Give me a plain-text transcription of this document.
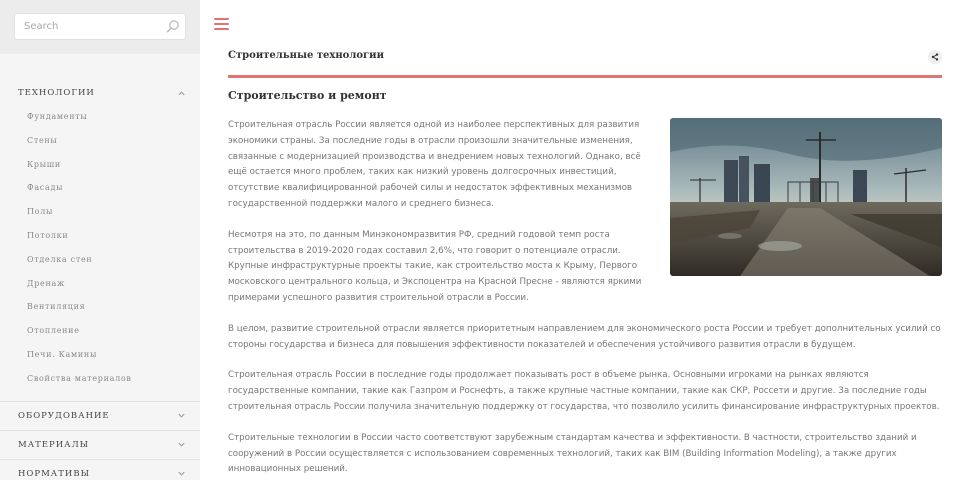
Search
ТЕХНОЛОГИИ
Фундаменты
Стены
Крыши
Фасады
Полы
Потолки
Отделка стен
Дренаж
Вентиляция
Отопление
Печи. Камины
Свойства материалов
ОБОРУДОВАНИЕ
МАТЕРИАЛЫ
НОРМАТИВЫ
Строительные технологии
Строительство и ремонт

Строительная отрасль России является одной из наиболее перспективных для развития экономики страны. За последние годы в отрасли произошли значительные изменения, связанные с модернизацией производства и внедрением новых технологий. Однако, всё ещё остается много проблем, таких как низкий уровень долгосрочных инвестиций, отсутствие квалифицированной рабочей силы и недостаток эффективных механизмов государственной поддержки малого и среднего бизнеса.

Несмотря на это, по данным Минэкономразвития РФ, средний годовой темп роста строительства в 2019-2020 годах составил 2,6%, что говорит о потенциале отрасли. Крупные инфраструктурные проекты такие, как строительство моста к Крыму, Первого московского центрального кольца, и Экспоцентра на Красной Пресне - являются яркими примерами успешного развития строительной отрасли в России.

В целом, развитие строительной отрасли является приоритетным направлением для экономического роста России и требует дополнительных усилий со стороны государства и бизнеса для повышения эффективности показателей и обеспечения устойчивого развития отрасли в будущем.

Строительная отрасль России в последние годы продолжает показывать рост в объеме рынка. Основными игроками на рынках являются государственные компании, такие как Газпром и Роснефть, а также крупные частные компании, такие как СКР, Россети и другие. За последние годы строительная отрасль России получила значительную поддержку от государства, что позволило усилить финансирование инфраструктурных проектов.

Строительные технологии в России часто соответствуют зарубежным стандартам качества и эффективности. В частности, строительство зданий и сооружений в России осуществляется с использованием современных технологий, таких как BIM (Building Information Modeling), а также других инновационных решений.
